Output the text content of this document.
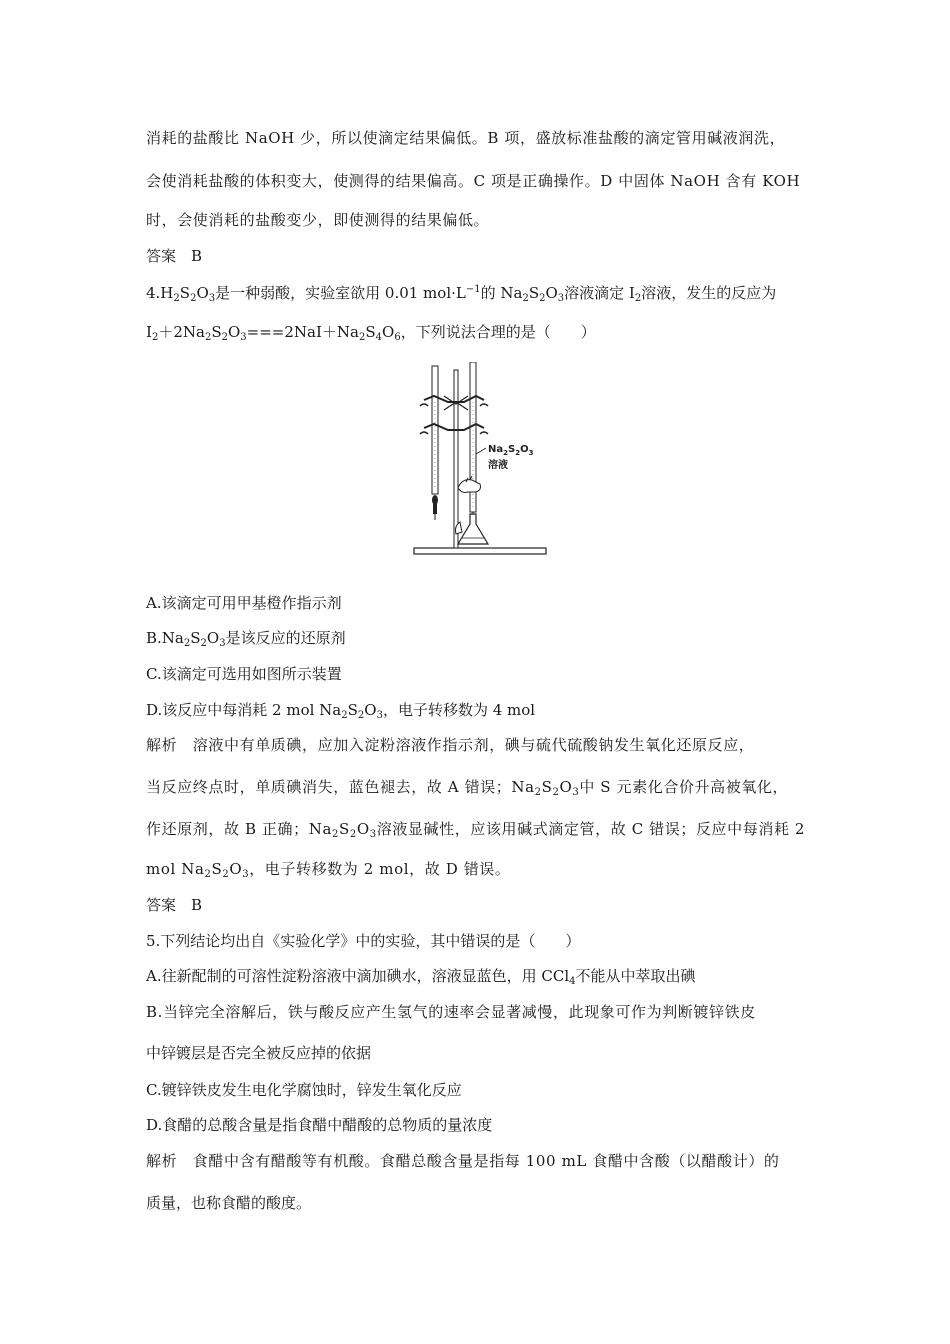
消耗的盐酸比 NaOH 少，所以使滴定结果偏低。B 项，盛放标准盐酸的滴定管用碱液润洗，
会使消耗盐酸的体积变大，使测得的结果偏高。C 项是正确操作。D 中固体 NaOH 含有 KOH
时，会使消耗的盐酸变少，即使测得的结果偏低。
答案　B
$4.H_2S_2O_3$是一种弱酸，实验室欲用 0.01 $mol\cdot L^{-1}$的 $Na_2S_2O_3$溶液滴定 $I_2$溶液，发生的反应为
$I_2+2Na_2S_2O_3===2NaI+Na_2S_4O_6$，下列说法合理的是（　　）
$Na_2S_2O_3$
溶液
A.该滴定可用甲基橙作指示剂
$B.Na_2S_2O_3$是该反应的还原剂
C.该滴定可选用如图所示装置
D.该反应中每消耗 2 mol $Na_2S_2O_3$，电子转移数为 4 mol
解析　溶液中有单质碘，应加入淀粉溶液作指示剂，碘与硫代硫酸钠发生氧化还原反应，
当反应终点时，单质碘消失，蓝色褪去，故 A 错误；$Na_2S_2O_3$中 S 元素化合价升高被氧化，
作还原剂，故 B 正确；$Na_2S_2O_3$溶液显碱性，应该用碱式滴定管，故 C 错误；反应中每消耗 2
mol $Na_2S_2O_3$，电子转移数为 2 mol，故 D 错误。
答案　B
5.下列结论均出自《实验化学》中的实验，其中错误的是（　　）
A.往新配制的可溶性淀粉溶液中滴加碘水，溶液显蓝色，用 CCl$_4$不能从中萃取出碘
B.当锌完全溶解后，铁与酸反应产生氢气的速率会显著减慢，此现象可作为判断镀锌铁皮
中锌镀层是否完全被反应掉的依据
C.镀锌铁皮发生电化学腐蚀时，锌发生氧化反应
D.食醋的总酸含量是指食醋中醋酸的总物质的量浓度
解析　食醋中含有醋酸等有机酸。食醋总酸含量是指每 100 mL 食醋中含酸（以醋酸计）的
质量，也称食醋的酸度。
